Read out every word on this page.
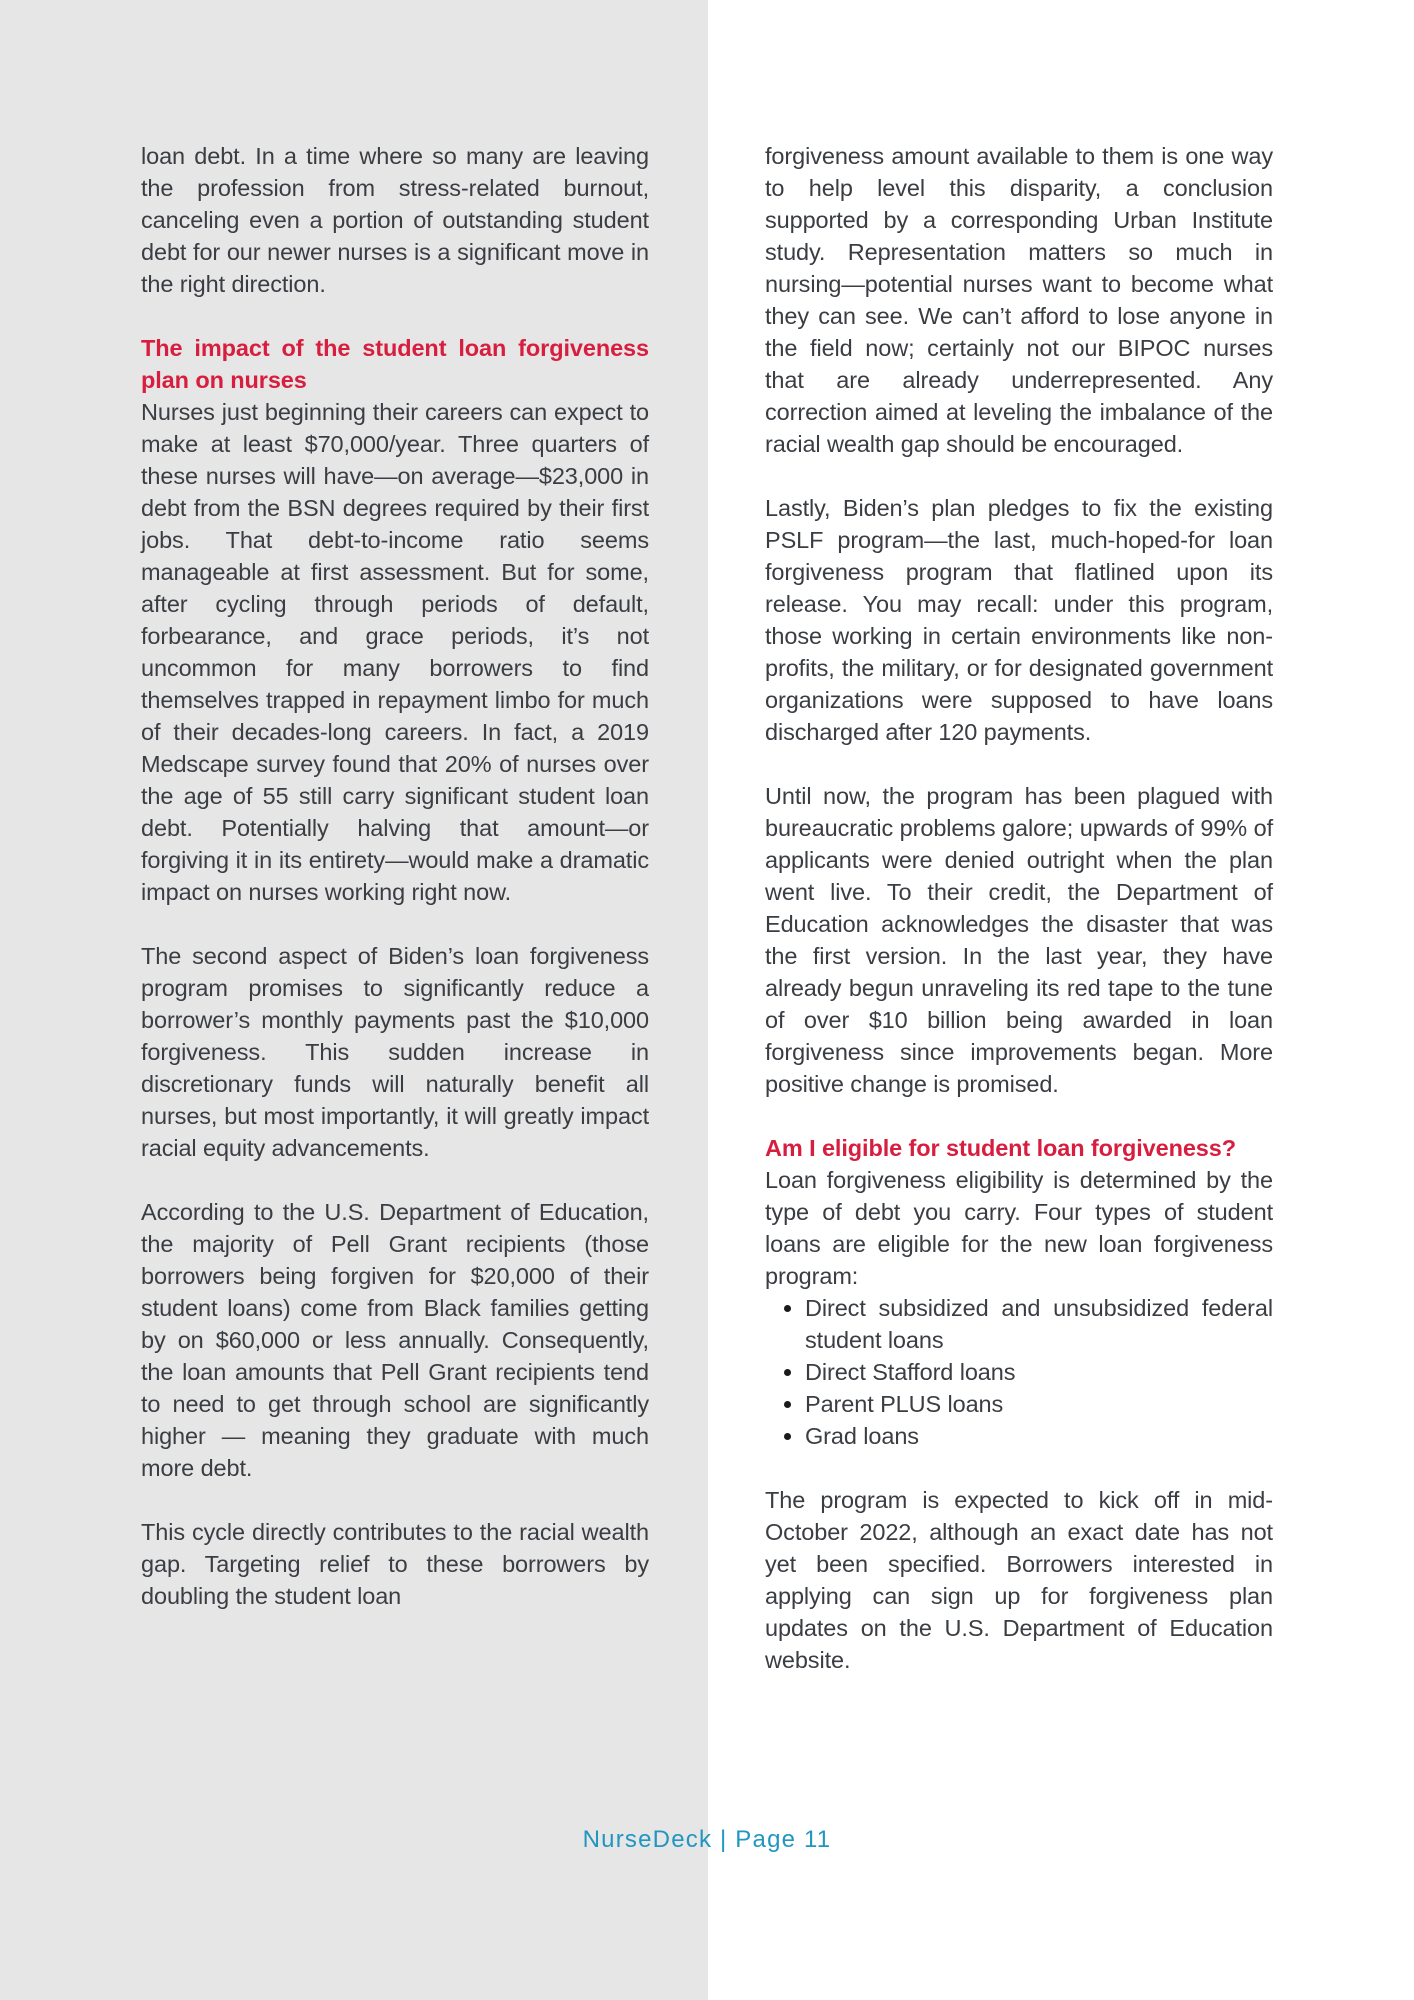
loan debt. In a time where so many are leaving the profession from stress-related burnout, canceling even a portion of outstanding student debt for our newer nurses is a significant move in the right direction.

The impact of the student loan forgiveness plan on nurses

Nurses just beginning their careers can expect to make at least $70,000/year. Three quarters of these nurses will have—on average—$23,000 in debt from the BSN degrees required by their first jobs. That debt-to-income ratio seems manageable at first assessment. But for some, after cycling through periods of default, forbearance, and grace periods, it’s not uncommon for many borrowers to find themselves trapped in repayment limbo for much of their decades-long careers. In fact, a 2019 Medscape survey found that 20% of nurses over the age of 55 still carry significant student loan debt. Potentially halving that amount—or forgiving it in its entirety—would make a dramatic impact on nurses working right now.

The second aspect of Biden’s loan forgiveness program promises to significantly reduce a borrower’s monthly payments past the $10,000 forgiveness. This sudden increase in discretionary funds will naturally benefit all nurses, but most importantly, it will greatly impact racial equity advancements.

According to the U.S. Department of Education, the majority of Pell Grant recipients (those borrowers being forgiven for $20,000 of their student loans) come from Black families getting by on $60,000 or less annually. Consequently, the loan amounts that Pell Grant recipients tend to need to get through school are significantly higher — meaning they graduate with much more debt.

This cycle directly contributes to the racial wealth gap. Targeting relief to these borrowers by doubling the student loan

forgiveness amount available to them is one way to help level this disparity, a conclusion supported by a corresponding Urban Institute study. Representation matters so much in nursing—potential nurses want to become what they can see. We can’t afford to lose anyone in the field now; certainly not our BIPOC nurses that are already underrepresented. Any correction aimed at leveling the imbalance of the racial wealth gap should be encouraged.

Lastly, Biden’s plan pledges to fix the existing PSLF program—the last, much-hoped-for loan forgiveness program that flatlined upon its release. You may recall: under this program, those working in certain environments like non-profits, the military, or for designated government organizations were supposed to have loans discharged after 120 payments.

Until now, the program has been plagued with bureaucratic problems galore; upwards of 99% of applicants were denied outright when the plan went live. To their credit, the Department of Education acknowledges the disaster that was the first version. In the last year, they have already begun unraveling its red tape to the tune of over $10 billion being awarded in loan forgiveness since improvements began. More positive change is promised.

Am I eligible for student loan forgiveness?

Loan forgiveness eligibility is determined by the type of debt you carry. Four types of student loans are eligible for the new loan forgiveness program:

• Direct subsidized and unsubsidized federal student loans
• Direct Stafford loans
• Parent PLUS loans
• Grad loans

The program is expected to kick off in mid-October 2022, although an exact date has not yet been specified. Borrowers interested in applying can sign up for forgiveness plan updates on the U.S. Department of Education website.

NurseDeck | Page 11
